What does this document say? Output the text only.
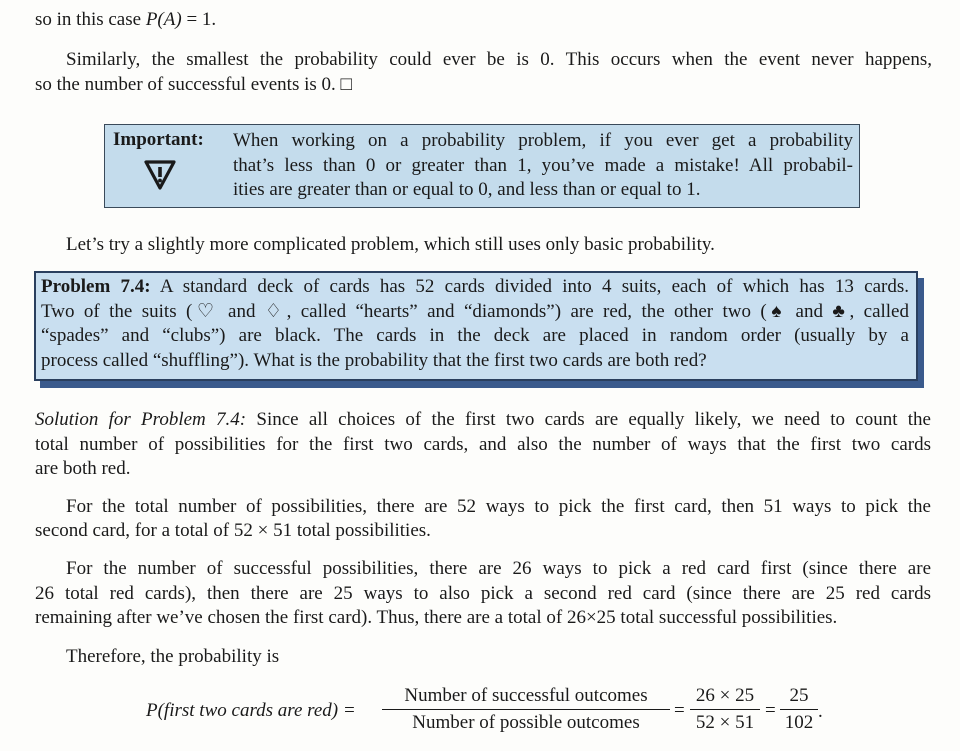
so in this case P(A) = 1.
Similarly, the smallest the probability could ever be is 0. This occurs when the event never happens,
so the number of successful events is 0. □
Important: When working on a probability problem, if you ever get a probability
that’s less than 0 or greater than 1, you’ve made a mistake! All probabil-
ities are greater than or equal to 0, and less than or equal to 1.
Let’s try a slightly more complicated problem, which still uses only basic probability.
Problem 7.4: A standard deck of cards has 52 cards divided into 4 suits, each of which has 13 cards.
Two of the suits (♡ and ♢, called “hearts” and “diamonds”) are red, the other two (♠ and ♣, called
“spades” and “clubs”) are black. The cards in the deck are placed in random order (usually by a
process called “shuffling”). What is the probability that the first two cards are both red?
Solution for Problem 7.4: Since all choices of the first two cards are equally likely, we need to count the
total number of possibilities for the first two cards, and also the number of ways that the first two cards
are both red.
For the total number of possibilities, there are 52 ways to pick the first card, then 51 ways to pick the
second card, for a total of 52 × 51 total possibilities.
For the number of successful possibilities, there are 26 ways to pick a red card first (since there are
26 total red cards), then there are 25 ways to also pick a second red card (since there are 25 red cards
remaining after we’ve chosen the first card). Thus, there are a total of 26×25 total successful possibilities.
Therefore, the probability is
P(first two cards are red) =
Number of successful outcomes
Number of possible outcomes
= $\frac{26 \times 25}{52 \times 51} = \frac{25}{102}$ .
